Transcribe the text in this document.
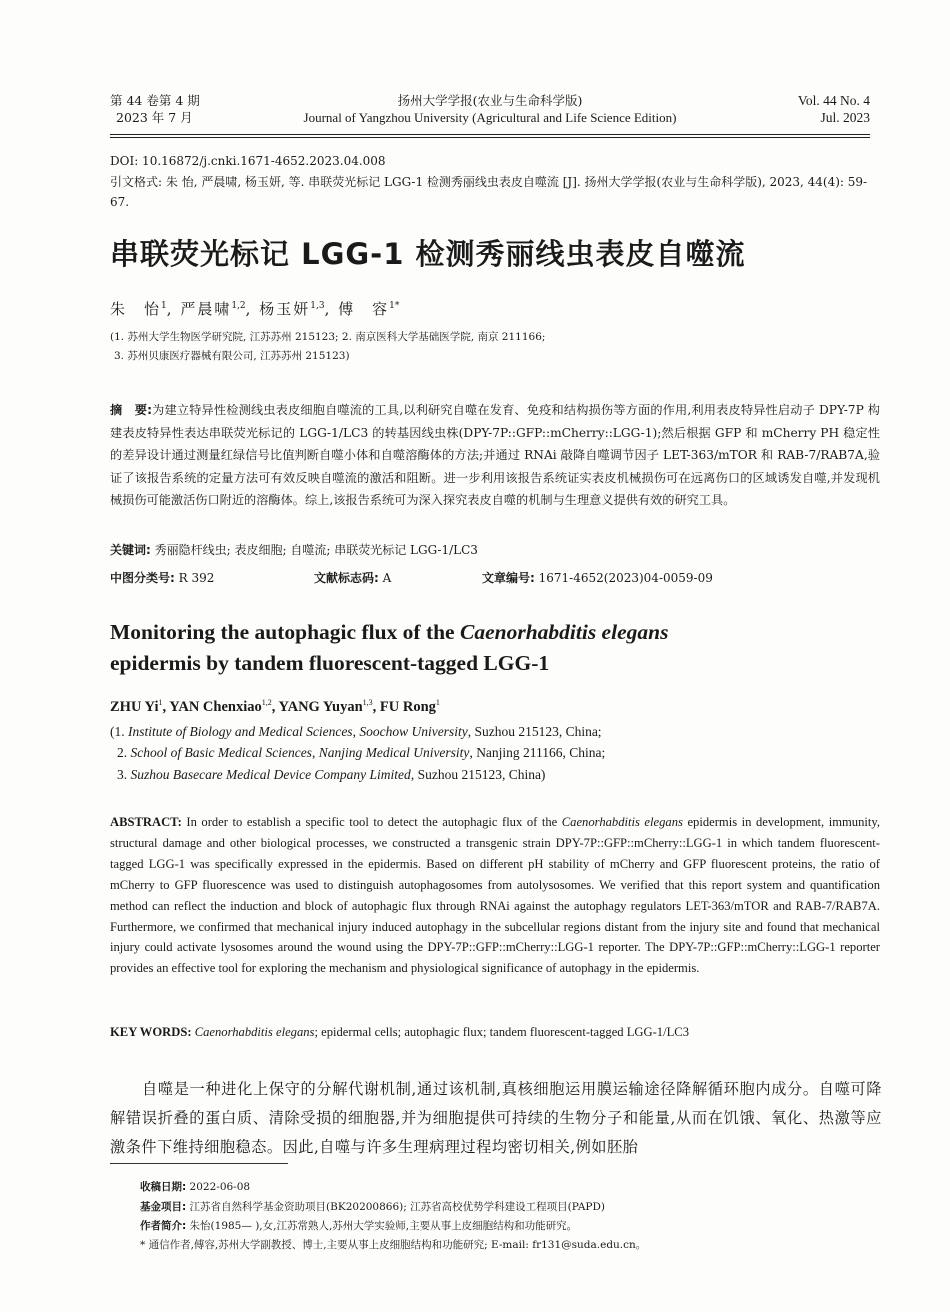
第 44 卷第 4 期
2023 年 7 月
扬州大学学报(农业与生命科学版)
Journal of Yangzhou University (Agricultural and Life Science Edition)
Vol. 44 No. 4
Jul. 2023
DOI: 10.16872/j.cnki.1671-4652.2023.04.008
引文格式: 朱 怡, 严晨啸, 杨玉妍, 等. 串联荧光标记 LGG-1 检测秀丽线虫表皮自噬流 [J]. 扬州大学学报(农业与生命科学版), 2023, 44(4): 59-67.
串联荧光标记 LGG-1 检测秀丽线虫表皮自噬流
朱　怡$^1$, 严晨啸$^{1,2}$, 杨玉妍$^{1,3}$, 傅　容$^{1*}$
(1. 苏州大学生物医学研究院, 江苏苏州 215123; 2. 南京医科大学基础医学院, 南京 211166;
3. 苏州贝康医疗器械有限公司, 江苏苏州 215123)
摘　要:为建立特异性检测线虫表皮细胞自噬流的工具,以利研究自噬在发育、免疫和结构损伤等方面的作用,利用表皮特异性启动子 DPY-7P 构建表皮特异性表达串联荧光标记的 LGG-1/LC3 的转基因线虫株(DPY-7P::GFP::mCherry::LGG-1);然后根据 GFP 和 mCherry PH 稳定性的差异设计通过测量红绿信号比值判断自噬小体和自噬溶酶体的方法;并通过 RNAi 敲降自噬调节因子 LET-363/mTOR 和 RAB-7/RAB7A,验证了该报告系统的定量方法可有效反映自噬流的激活和阻断。进一步利用该报告系统证实表皮机械损伤可在远离伤口的区域诱发自噬,并发现机械损伤可能激活伤口附近的溶酶体。综上,该报告系统可为深入探究表皮自噬的机制与生理意义提供有效的研究工具。
关键词: 秀丽隐杆线虫; 表皮细胞; 自噬流; 串联荧光标记 LGG-1/LC3
中图分类号: R 392	文献标志码: A	文章编号: 1671-4652(2023)04-0059-09
Monitoring the autophagic flux of the Caenorhabditis elegans
epidermis by tandem fluorescent-tagged LGG-1
ZHU Yi$^1$, YAN Chenxiao$^{1,2}$, YANG Yuyan$^{1,3}$, FU Rong$^1$
(1. Institute of Biology and Medical Sciences, Soochow University, Suzhou 215123, China;
2. School of Basic Medical Sciences, Nanjing Medical University, Nanjing 211166, China;
3. Suzhou Basecare Medical Device Company Limited, Suzhou 215123, China)
ABSTRACT: In order to establish a specific tool to detect the autophagic flux of the Caenorhabditis elegans epidermis in development, immunity, structural damage and other biological processes, we constructed a transgenic strain DPY-7P::GFP::mCherry::LGG-1 in which tandem fluorescent-tagged LGG-1 was specifically expressed in the epidermis. Based on different pH stability of mCherry and GFP fluorescent proteins, the ratio of mCherry to GFP fluorescence was used to distinguish autophagosomes from autolysosomes. We verified that this report system and quantification method can reflect the induction and block of autophagic flux through RNAi against the autophagy regulators LET-363/mTOR and RAB-7/RAB7A. Furthermore, we confirmed that mechanical injury induced autophagy in the subcellular regions distant from the injury site and found that mechanical injury could activate lysosomes around the wound using the DPY-7P::GFP::mCherry::LGG-1 reporter. The DPY-7P::GFP::mCherry::LGG-1 reporter provides an effective tool for exploring the mechanism and physiological significance of autophagy in the epidermis.
KEY WORDS: Caenorhabditis elegans; epidermal cells; autophagic flux; tandem fluorescent-tagged LGG-1/LC3
自噬是一种进化上保守的分解代谢机制,通过该机制,真核细胞运用膜运输途径降解循环胞内成分。自噬可降解错误折叠的蛋白质、清除受损的细胞器,并为细胞提供可持续的生物分子和能量,从而在饥饿、氧化、热激等应激条件下维持细胞稳态。因此,自噬与许多生理病理过程均密切相关,例如胚胎
收稿日期: 2022-06-08
基金项目: 江苏省自然科学基金资助项目(BK20200866); 江苏省高校优势学科建设工程项目(PAPD)
作者简介: 朱怡(1985— ),女,江苏常熟人,苏州大学实验师,主要从事上皮细胞结构和功能研究。
* 通信作者,傅容,苏州大学副教授、博士,主要从事上皮细胞结构和功能研究; E-mail: fr131@suda.edu.cn。
